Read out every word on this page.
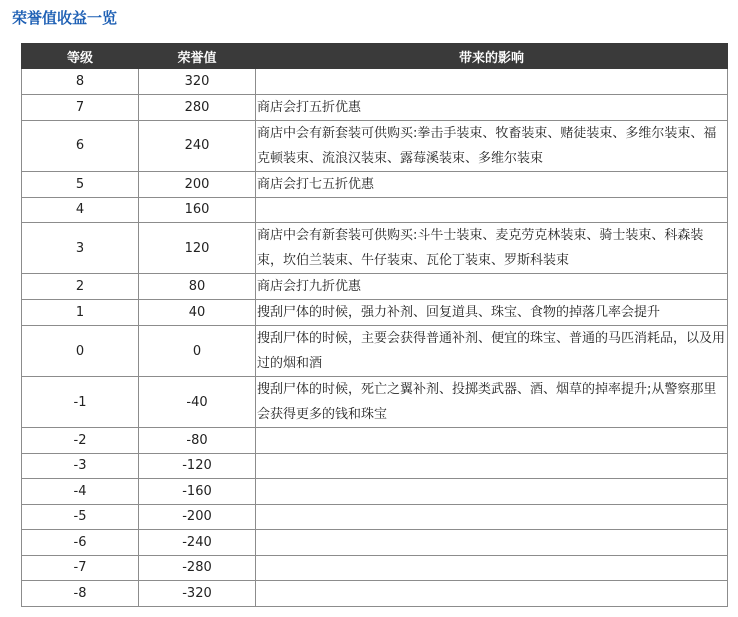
荣誉值收益一览
等级	荣誉值	带来的影响
8	320	
7	280	商店会打五折优惠
6	240	商店中会有新套装可供购买:拳击手装束、牧畜装束、赌徒装束、多维尔装束、福克顿装束、流浪汉装束、露莓溪装束、多维尔装束
5	200	商店会打七五折优惠
4	160	
3	120	商店中会有新套装可供购买:斗牛士装束、麦克劳克林装束、骑士装束、科森装束，坎伯兰装束、牛仔装束、瓦伦丁装束、罗斯科装束
2	80	商店会打九折优惠
1	40	搜刮尸体的时候，强力补剂、回复道具、珠宝、食物的掉落几率会提升
0	0	搜刮尸体的时候，主要会获得普通补剂、便宜的珠宝、普通的马匹消耗品，以及用过的烟和酒
-1	-40	搜刮尸体的时候，死亡之翼补剂、投掷类武器、酒、烟草的掉率提升;从警察那里会获得更多的钱和珠宝
-2	-80	
-3	-120	
-4	-160	
-5	-200	
-6	-240	
-7	-280	
-8	-320	
